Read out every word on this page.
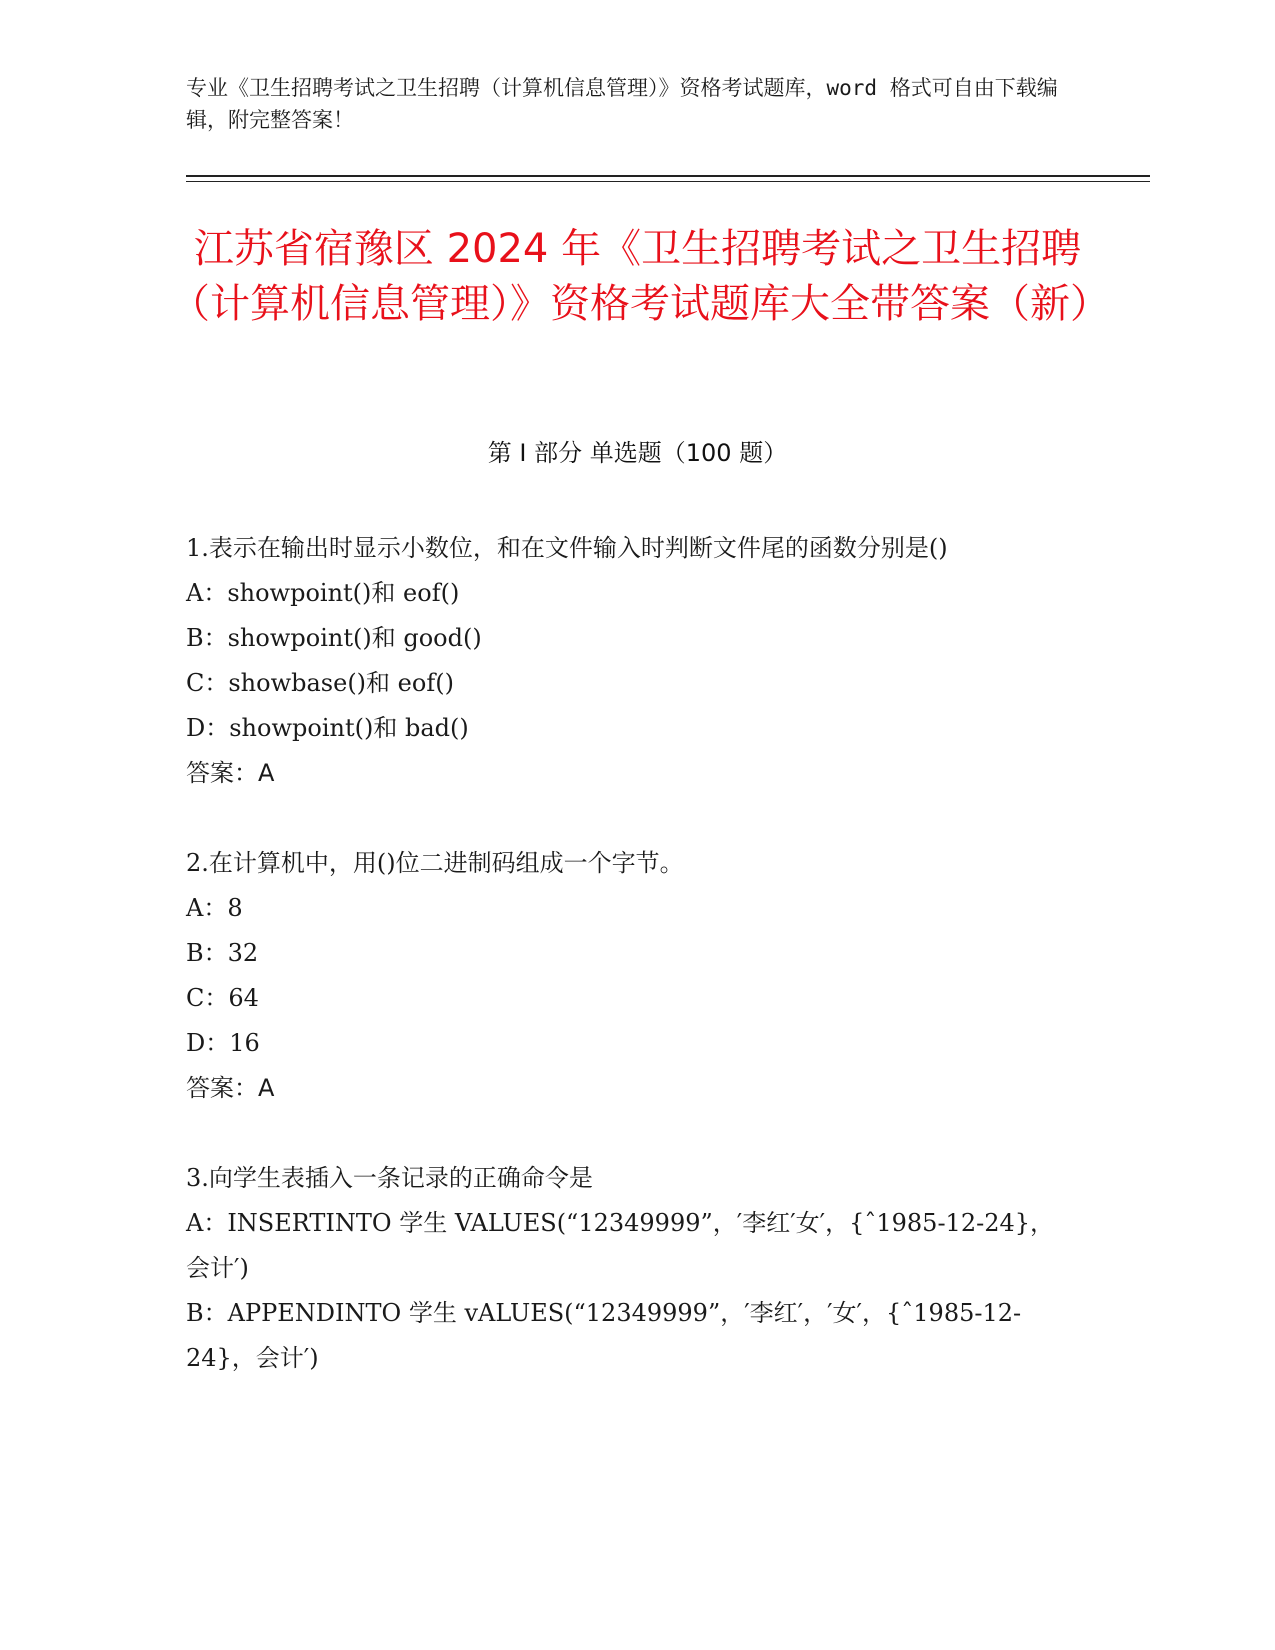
专业《卫生招聘考试之卫生招聘（计算机信息管理）》资格考试题库，word 格式可自由下载编辑，附完整答案！
江苏省宿豫区 2024 年《卫生招聘考试之卫生招聘（计算机信息管理）》资格考试题库大全带答案（新）
第 I 部分 单选题（100 题）

1.表示在输出时显示小数位，和在文件输入时判断文件尾的函数分别是()

A：showpoint()和 eof()

B：showpoint()和 good()

C：showbase()和 eof()

D：showpoint()和 bad()

答案：A

2.在计算机中，用()位二进制码组成一个字节。

A：8

B：32

C：64

D：16

答案：A

3.向学生表插入一条记录的正确命令是

A：INSERTINTO 学生 VALUES(“12349999”，′李红′女′，{ˆ1985-12-24}，会计′)

B：APPENDINTO 学生 vALUES(“12349999”，′李红′，′女′，{ˆ1985-12-24}，会计′)
